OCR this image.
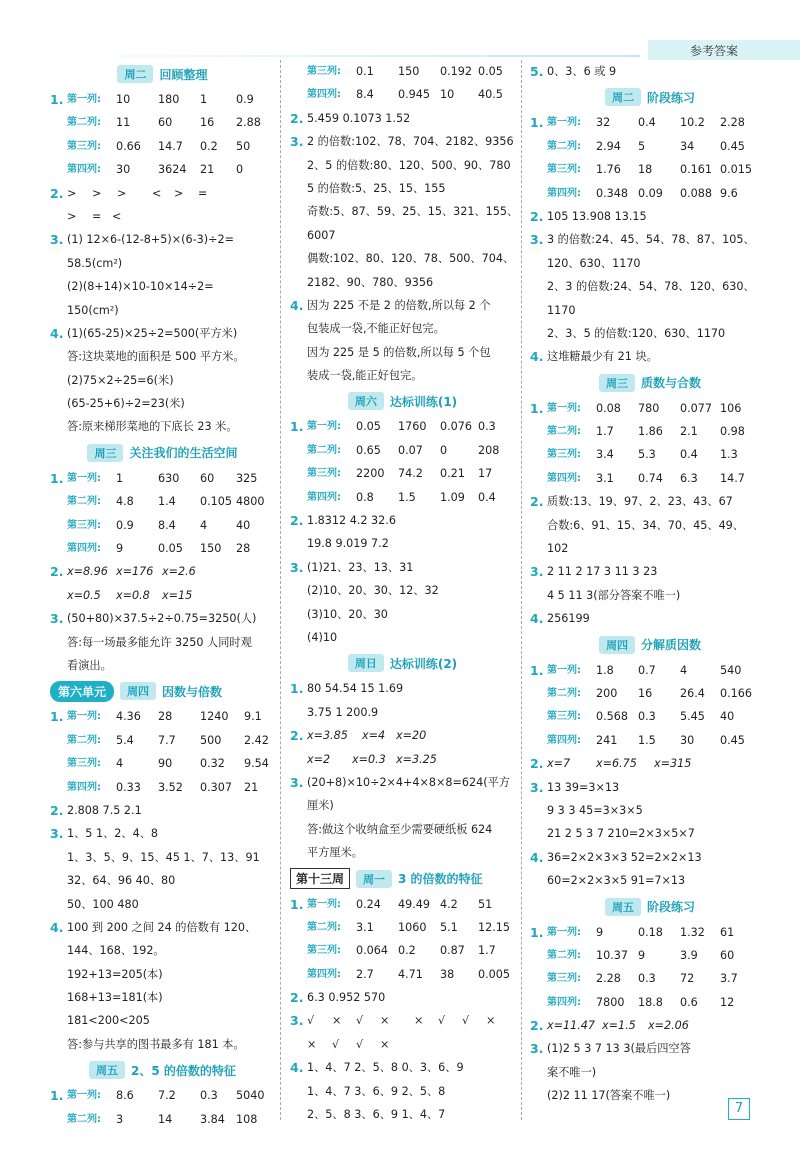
参考答案
周二	回顾整理
1. 第一列: 10 180 1	0.9
第二列: 11 60 16 2.88
第三列: 0.66 14.7 0.2 50
第四列: 30 3624 21 0
2. > > > < > =
> = <
3. (1) 12×6-(12-8+5)×(6-3)÷2=
58.5(cm²)
(2)(8+14)×10-10×14÷2=
150(cm²)
4. (1)(65-25)×25÷2=500(平方米)
答:这块菜地的面积是 500 平方米。
(2)75×2÷25=6(米)
(65-25+6)÷2=23(米)
答:原来梯形菜地的下底长 23 米。
周三	关注我们的生活空间
1. 第一列: 1	630 60 325
第二列: 4.8 1.4 0.105 4800
第三列: 0.9 8.4 4	40
第四列: 9	0.05 150 28
2. x=8.96 x=176 x=2.6
x=0.5 x=0.8 x=15
3. (50+80)×37.5÷2÷0.75=3250(人)
答:每一场最多能允许 3250 人同时观
看演出。
第六单元	周四	因数与倍数
1. 第一列: 4.36 28 1240 9.1
第二列: 5.4 7.7 500 2.42
第三列: 4	90 0.32 9.54
第四列: 0.33 3.52 0.307 21
2. 2.808 7.5 2.1
3. 1、5 1、2、4、8
1、3、5、9、15、45 1、7、13、91
32、64、96 40、80
50、100 480
4. 100 到 200 之间 24 的倍数有 120、
144、168、192。
192+13=205(本)
168+13=181(本)
181<200<205
答:参与共享的图书最多有 181 本。
周五	2、5 的倍数的特征
1. 第一列: 8.6 7.2 0.3 5040
第二列: 3	14 3.84 108
第三列: 0.1 150 0.192 0.05
第四列: 8.4 0.945 10 40.5
2. 5.459 0.1073 1.52
3. 2 的倍数:102、78、704、2182、9356
2、5 的倍数:80、120、500、90、780
5 的倍数:5、25、15、155
奇数:5、87、59、25、15、321、155、
6007
偶数:102、80、120、78、500、704、
2182、90、780、9356
4. 因为 225 不是 2 的倍数,所以每 2 个
包装成一袋,不能正好包完。
因为 225 是 5 的倍数,所以每 5 个包
装成一袋,能正好包完。
周六	达标训练(1)
1. 第一列: 0.05 1760 0.076 0.3
第二列: 0.65 0.07 0	208
第三列: 2200 74.2 0.21 17
第四列: 0.8 1.5 1.09 0.4
2. 1.8312 4.2 32.6
19.8 9.019 7.2
3. (1)21、23、13、31
(2)10、20、30、12、32
(3)10、20、30
(4)10
周日	达标训练(2)
1. 80 54.54 15 1.69
3.75 1 200.9
2. x=3.85 x=4 x=20
x=2 x=0.3 x=3.25
3. (20+8)×10÷2×4+4×8×8=624(平方
厘米)
答:做这个收纳盒至少需要硬纸板 624
平方厘米。
第十三周	周一	3 的倍数的特征
1. 第一列: 0.24 49.49 4.2 51
第二列: 3.1 1060 5.1 12.15
第三列: 0.064 0.2 0.87 1.7
第四列: 2.7 4.71 38 0.005
2. 6.3 0.952 570
3. √ × √ × × √ √ ×
× √ √ ×
4. 1、4、7 2、5、8 0、3、6、9
1、4、7 3、6、9 2、5、8
2、5、8 3、6、9 1、4、7
5. 0、3、6 或 9
周二	阶段练习
1. 第一列: 32 0.4 10.2 2.28
第二列: 2.94 5	34 0.45
第三列: 1.76 18 0.161 0.015
第四列: 0.348 0.09 0.088 9.6
2. 105 13.908 13.15
3. 3 的倍数:24、45、54、78、87、105、
120、630、1170
2、3 的倍数:24、54、78、120、630、
1170
2、3、5 的倍数:120、630、1170
4. 这堆糖最少有 21 块。
周三	质数与合数
1. 第一列: 0.08 780 0.077 106
第二列: 1.7 1.86 2.1 0.98
第三列: 3.4 5.3 0.4 1.3
第四列: 3.1 0.74 6.3 14.7
2. 质数:13、19、97、2、23、43、67
合数:6、91、15、34、70、45、49、
102
3. 2 11 2 17 3 11 3 23
4 5 11 3(部分答案不唯一)
4. 256199
周四	分解质因数
1. 第一列: 1.8 0.7 4	540
第二列: 200 16 26.4 0.166
第三列: 0.568 0.3 5.45 40
第四列: 241 1.5 30 0.45
2. x=7 x=6.75 x=315
3. 13 39=3×13
9 3 3 45=3×3×5
21 2 5 3 7 210=2×3×5×7
4. 36=2×2×3×3 52=2×2×13
60=2×2×3×5 91=7×13
周五	阶段练习
1. 第一列: 9	0.18 1.32 61
第二列: 10.37 9	3.9 60
第三列: 2.28 0.3 72 3.7
第四列: 7800 18.8 0.6 12
2. x=11.47 x=1.5 x=2.06
3. (1)2 5 3 7 13 3(最后四空答
案不唯一)
(2)2 11 17(答案不唯一)
7
